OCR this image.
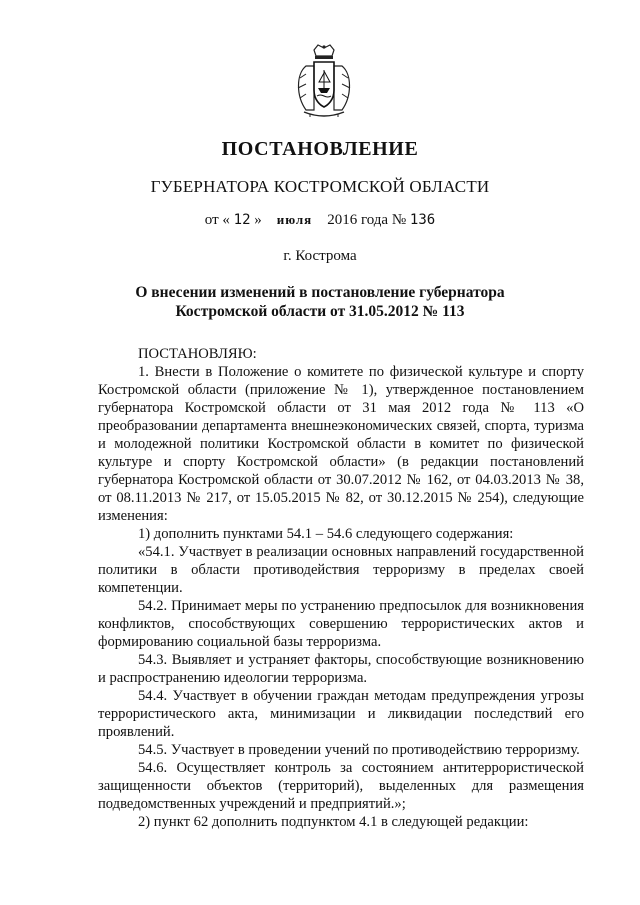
ПОСТАНОВЛЕНИЕ
ГУБЕРНАТОРА КОСТРОМСКОЙ ОБЛАСТИ
от « 12 »    июля    2016 года № 136
г. Кострома
О внесении изменений в постановление губернатора
Костромской области от 31.05.2012 № 113

ПОСТАНОВЛЯЮ:

1. Внести в Положение о комитете по физической культуре и спорту Костромской области (приложение № 1), утвержденное постановлением губернатора Костромской области от 31 мая 2012 года № 113 «О преобразовании департамента внешнеэкономических связей, спорта, туризма и молодежной политики Костромской области в комитет по физической культуре и спорту Костромской области» (в редакции постановлений губернатора Костромской области от 30.07.2012 № 162, от 04.03.2013 № 38, от 08.11.2013 № 217, от 15.05.2015 № 82, от 30.12.2015 № 254), следующие изменения:

1) дополнить пунктами 54.1 – 54.6 следующего содержания:

«54.1. Участвует в реализации основных направлений государственной политики в области противодействия терроризму в пределах своей компетенции.

54.2. Принимает меры по устранению предпосылок для возникновения конфликтов, способствующих совершению террористических актов и формированию социальной базы терроризма.

54.3. Выявляет и устраняет факторы, способствующие возникновению и распространению идеологии терроризма.

54.4. Участвует в обучении граждан методам предупреждения угрозы террористического акта, минимизации и ликвидации последствий его проявлений.

54.5. Участвует в проведении учений по противодействию терроризму.

54.6. Осуществляет контроль за состоянием антитеррористической защищенности объектов (территорий), выделенных для размещения подведомственных учреждений и предприятий.»;

2) пункт 62 дополнить подпунктом 4.1 в следующей редакции:
